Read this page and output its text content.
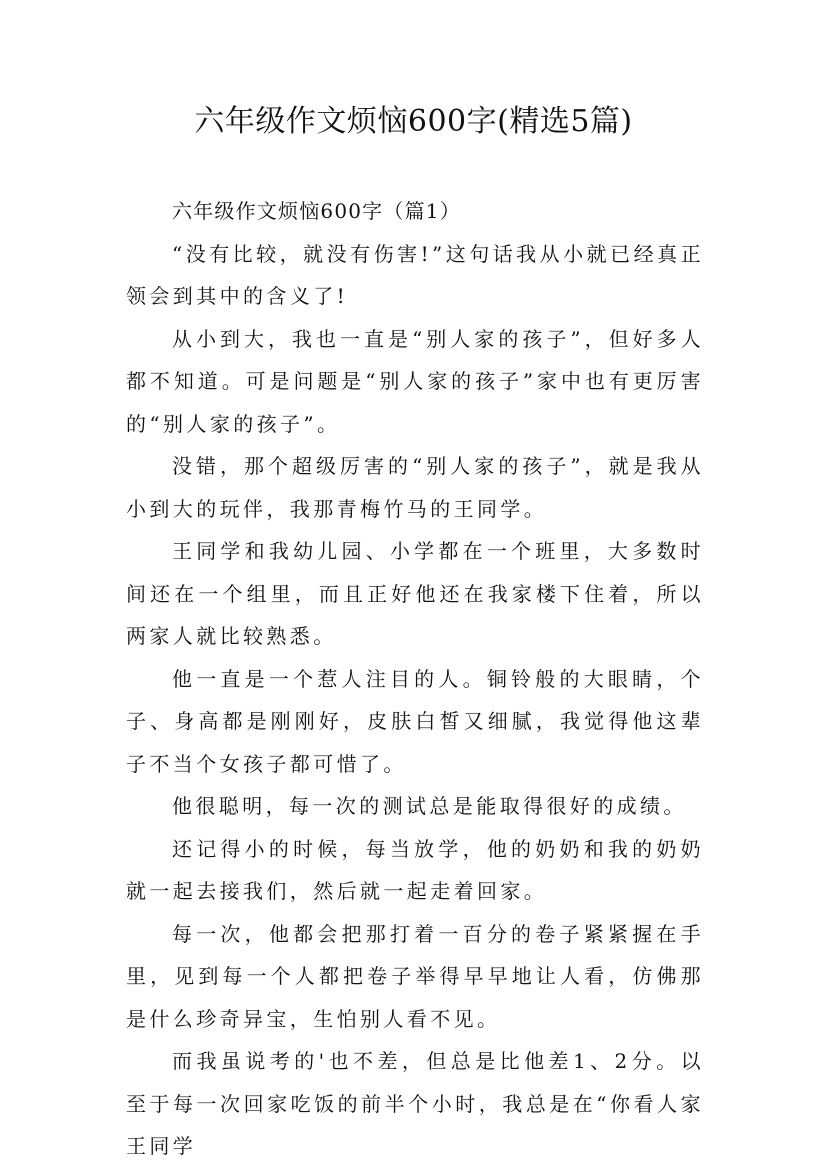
六年级作文烦恼600字(精选5篇)

六年级作文烦恼600字（篇1）

“没有比较，就没有伤害!”这句话我从小就已经真正领会到其中的含义了!

从小到大，我也一直是“别人家的孩子”，但好多人都不知道。可是问题是“别人家的孩子”家中也有更厉害的“别人家的孩子”。

没错，那个超级厉害的“别人家的孩子”，就是我从小到大的玩伴，我那青梅竹马的王同学。

王同学和我幼儿园、小学都在一个班里，大多数时间还在一个组里，而且正好他还在我家楼下住着，所以两家人就比较熟悉。

他一直是一个惹人注目的人。铜铃般的大眼睛，个子、身高都是刚刚好，皮肤白皙又细腻，我觉得他这辈子不当个女孩子都可惜了。

他很聪明，每一次的测试总是能取得很好的成绩。

还记得小的时候，每当放学，他的奶奶和我的奶奶就一起去接我们，然后就一起走着回家。

每一次，他都会把那打着一百分的卷子紧紧握在手里，见到每一个人都把卷子举得早早地让人看，仿佛那是什么珍奇异宝，生怕别人看不见。

而我虽说考的'也不差，但总是比他差1、2分。以至于每一次回家吃饭的前半个小时，我总是在“你看人家王同学
